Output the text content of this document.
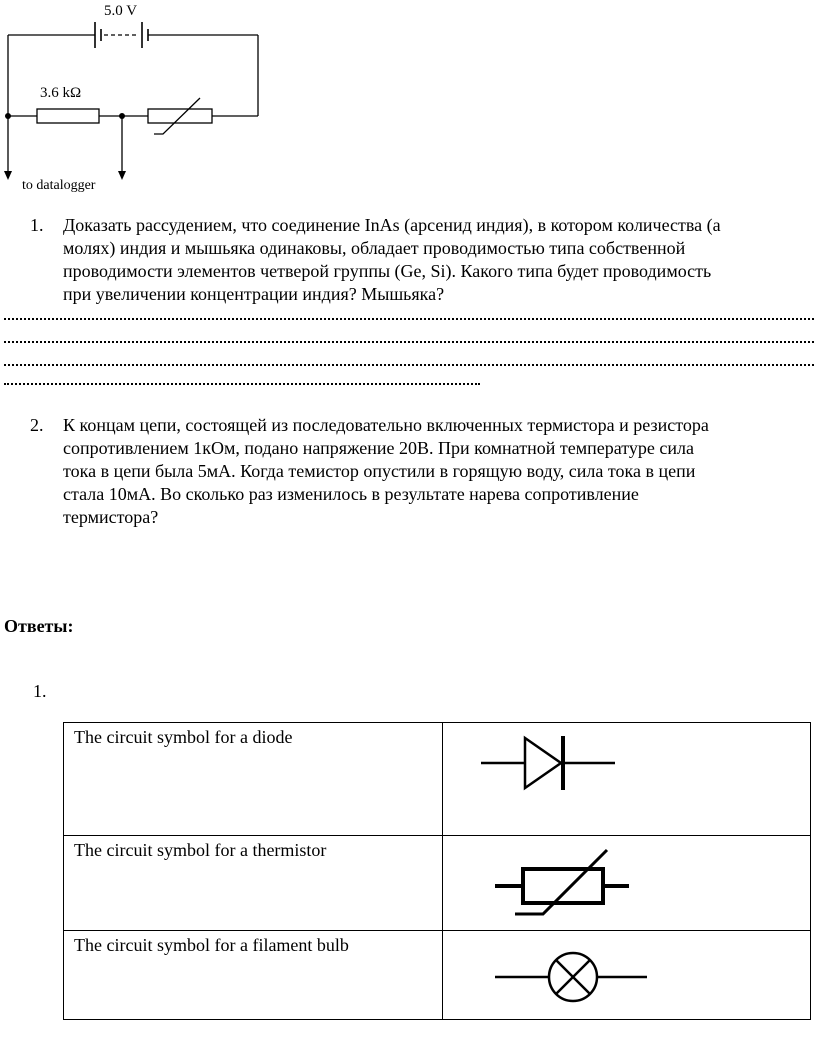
5.0 V
3.6 kΩ
to datalogger
1. Доказать рассудением, что соединение InAs (арсенид индия), в котором количества (а
молях) индия и мышьяка одинаковы, обладает проводимостью типа собственной
проводимости элементов четверой группы (Ge, Si). Какого типа будет проводимость
при увеличении концентрации индия? Мышьяка?
2. К концам цепи, состоящей из последовательно включенных термистора и резистора
сопротивлением 1кОм, подано напряжение 20В. При комнатной температуре сила
тока в цепи была 5мА. Когда темистор опустили в горящую воду, сила тока в цепи
стала 10мА. Во сколько раз изменилось в результате нарева сопротивление
термистора?
Ответы:
1.
The circuit symbol for a diode	

The circuit symbol for a thermistor	

The circuit symbol for a filament bulb	
